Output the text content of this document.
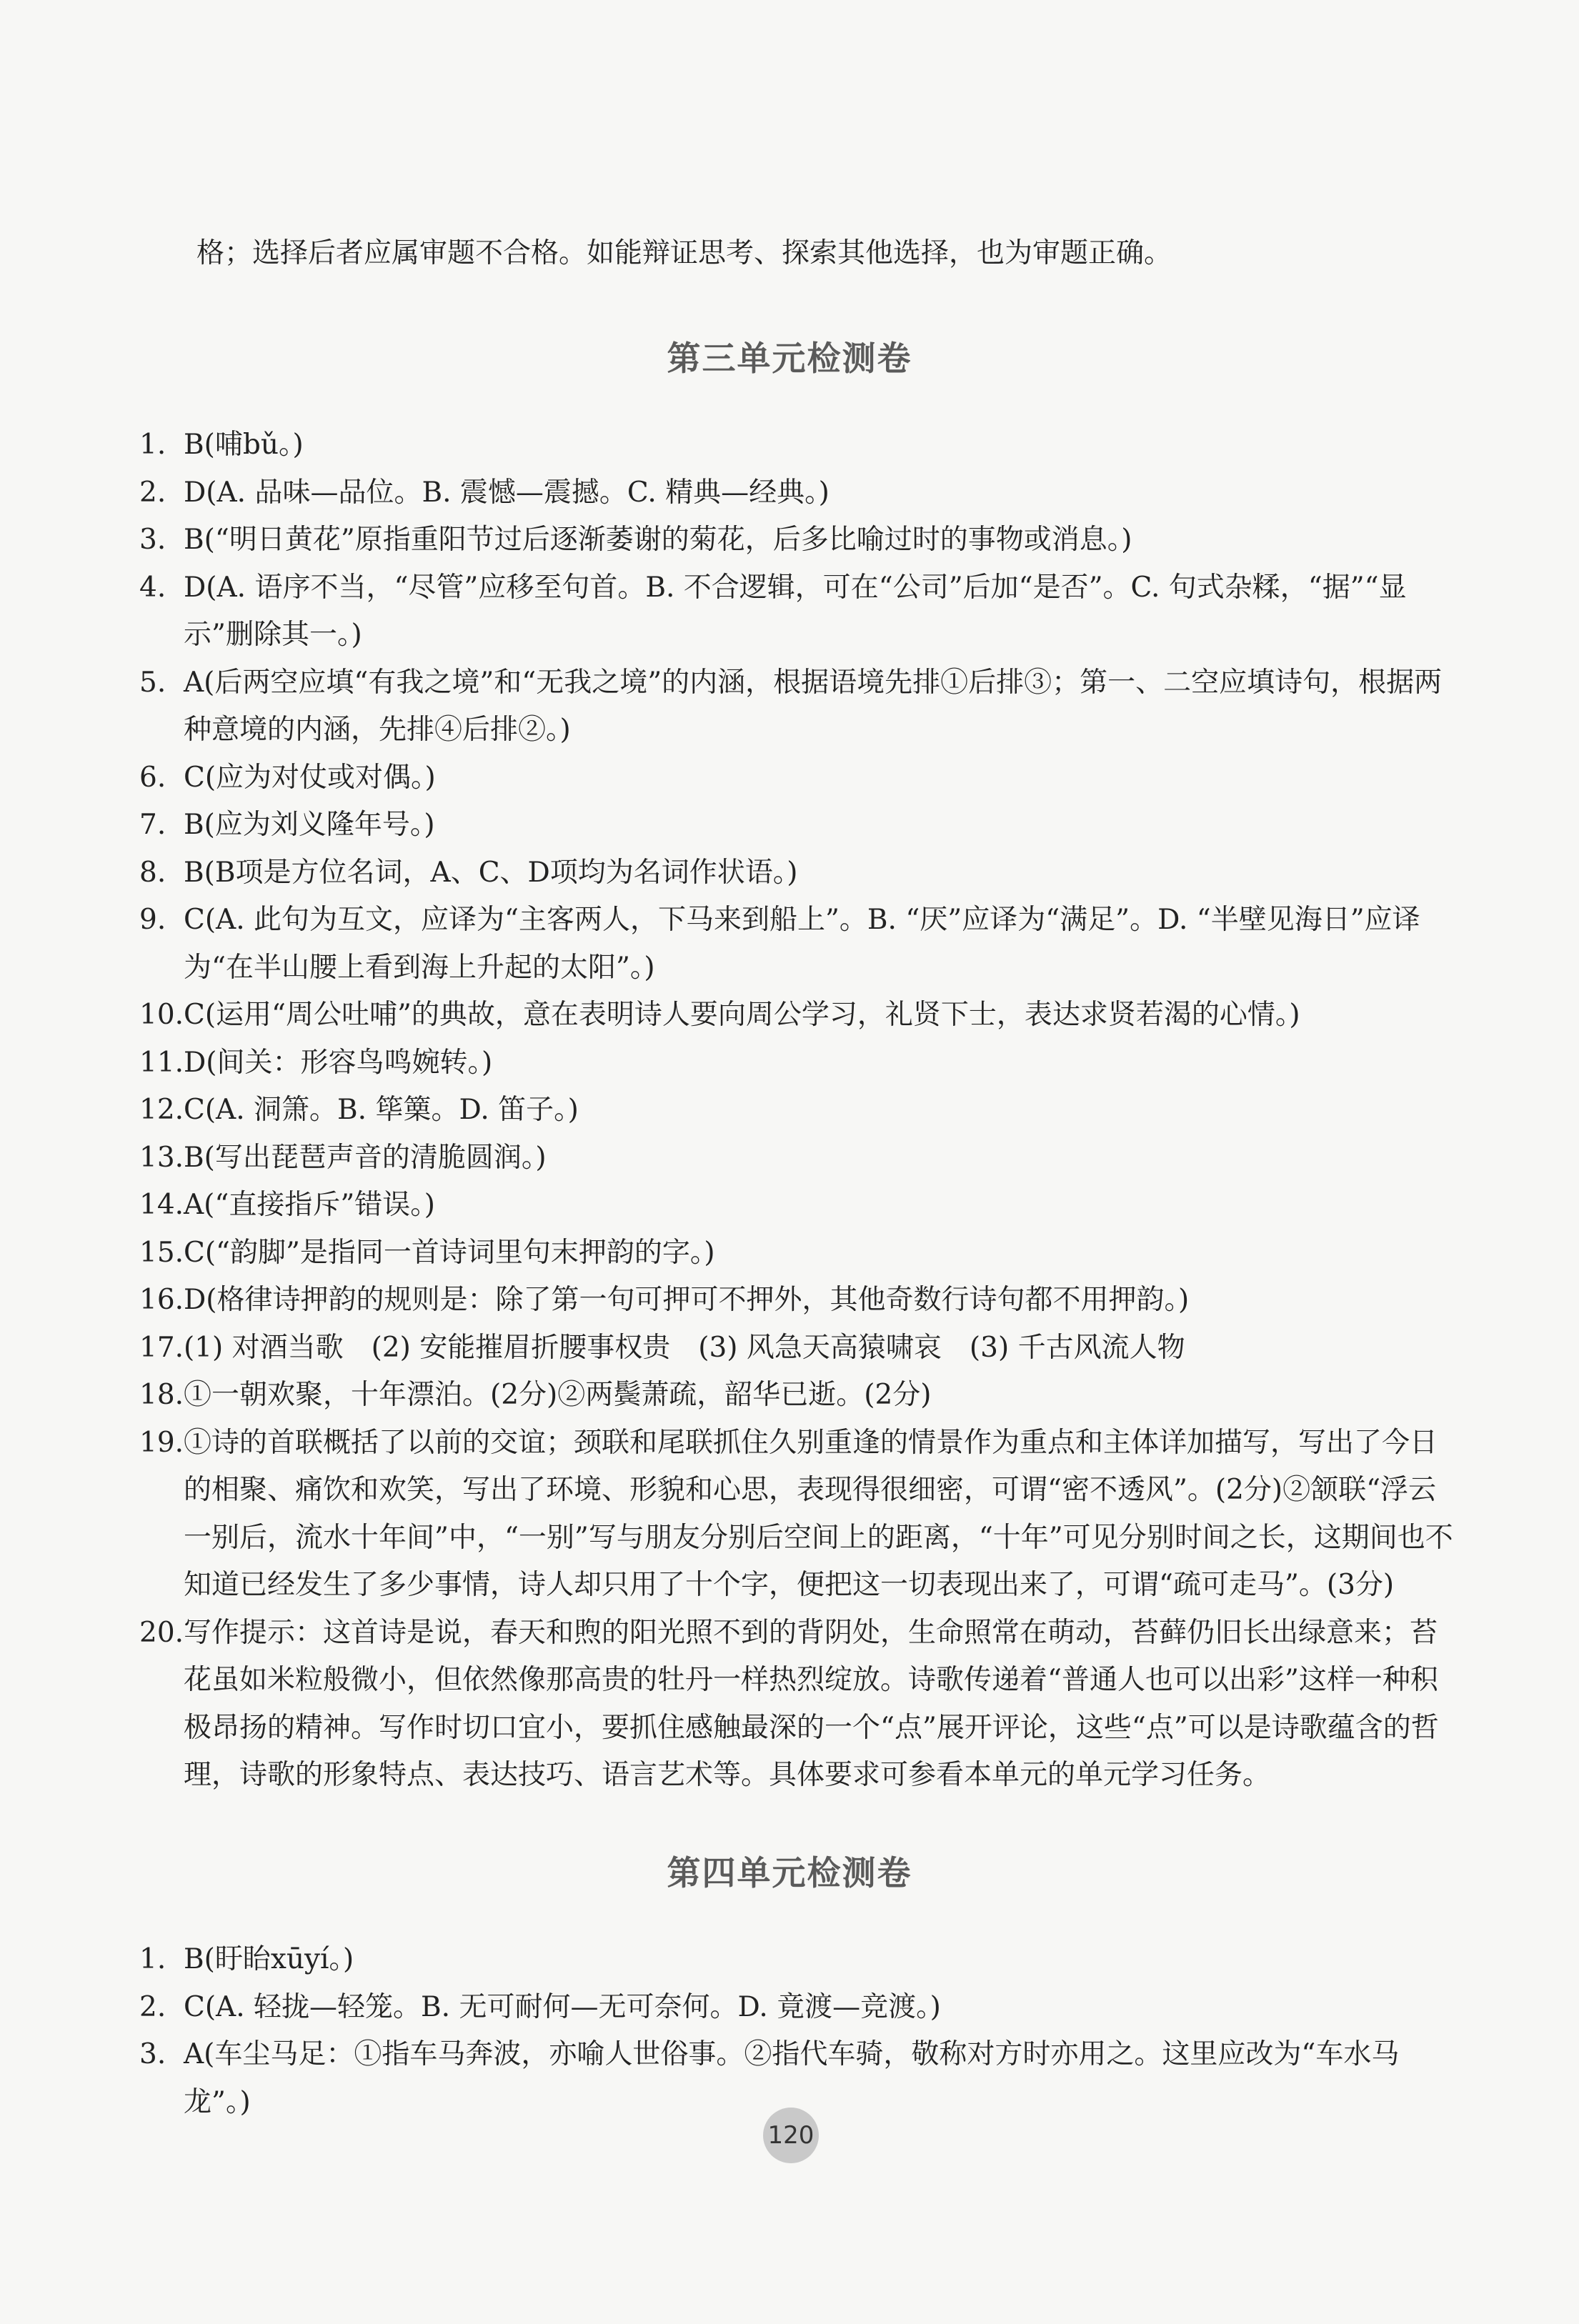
格；选择后者应属审题不合格。如能辩证思考、探索其他选择，也为审题正确。

第三单元检测卷
1. B(哺bǔ。)
2. D(A. 品味—品位。B. 震憾—震撼。C. 精典—经典。)
3. B(“明日黄花”原指重阳节过后逐渐萎谢的菊花，后多比喻过时的事物或消息。)
4. D(A. 语序不当，“尽管”应移至句首。B. 不合逻辑，可在“公司”后加“是否”。C. 句式杂糅，“据”“显示”删除其一。)
5. A(后两空应填“有我之境”和“无我之境”的内涵，根据语境先排①后排③；第一、二空应填诗句，根据两种意境的内涵，先排④后排②。)
6. C(应为对仗或对偶。)
7. B(应为刘义隆年号。)
8. B(B项是方位名词，A、C、D项均为名词作状语。)
9. C(A. 此句为互文，应译为“主客两人，下马来到船上”。B. “厌”应译为“满足”。D. “半壁见海日”应译为“在半山腰上看到海上升起的太阳”。)
10. C(运用“周公吐哺”的典故，意在表明诗人要向周公学习，礼贤下士，表达求贤若渴的心情。)
11. D(间关：形容鸟鸣婉转。)
12. C(A. 洞箫。B. 筚篥。D. 笛子。)
13. B(写出琵琶声音的清脆圆润。)
14. A(“直接指斥”错误。)
15. C(“韵脚”是指同一首诗词里句末押韵的字。)
16. D(格律诗押韵的规则是：除了第一句可押可不押外，其他奇数行诗句都不用押韵。)
17. (1) 对酒当歌　(2) 安能摧眉折腰事权贵　(3) 风急天高猿啸哀　(3) 千古风流人物
18. ①一朝欢聚，十年漂泊。(2分)②两鬓萧疏，韶华已逝。(2分)
19. ①诗的首联概括了以前的交谊；颈联和尾联抓住久别重逢的情景作为重点和主体详加描写，写出了今日的相聚、痛饮和欢笑，写出了环境、形貌和心思，表现得很细密，可谓“密不透风”。(2分)②颔联“浮云一别后，流水十年间”中，“一别”写与朋友分别后空间上的距离，“十年”可见分别时间之长，这期间也不知道已经发生了多少事情，诗人却只用了十个字，便把这一切表现出来了，可谓“疏可走马”。(3分)
20. 写作提示：这首诗是说，春天和煦的阳光照不到的背阴处，生命照常在萌动，苔藓仍旧长出绿意来；苔花虽如米粒般微小，但依然像那高贵的牡丹一样热烈绽放。诗歌传递着“普通人也可以出彩”这样一种积极昂扬的精神。写作时切口宜小，要抓住感触最深的一个“点”展开评论，这些“点”可以是诗歌蕴含的哲理，诗歌的形象特点、表达技巧、语言艺术等。具体要求可参看本单元的单元学习任务。
第四单元检测卷
1. B(盱眙xūyí。)
2. C(A. 轻拢—轻笼。B. 无可耐何—无可奈何。D. 竟渡—竞渡。)
3. A(车尘马足：①指车马奔波，亦喻人世俗事。②指代车骑，敬称对方时亦用之。这里应改为“车水马龙”。)
120
